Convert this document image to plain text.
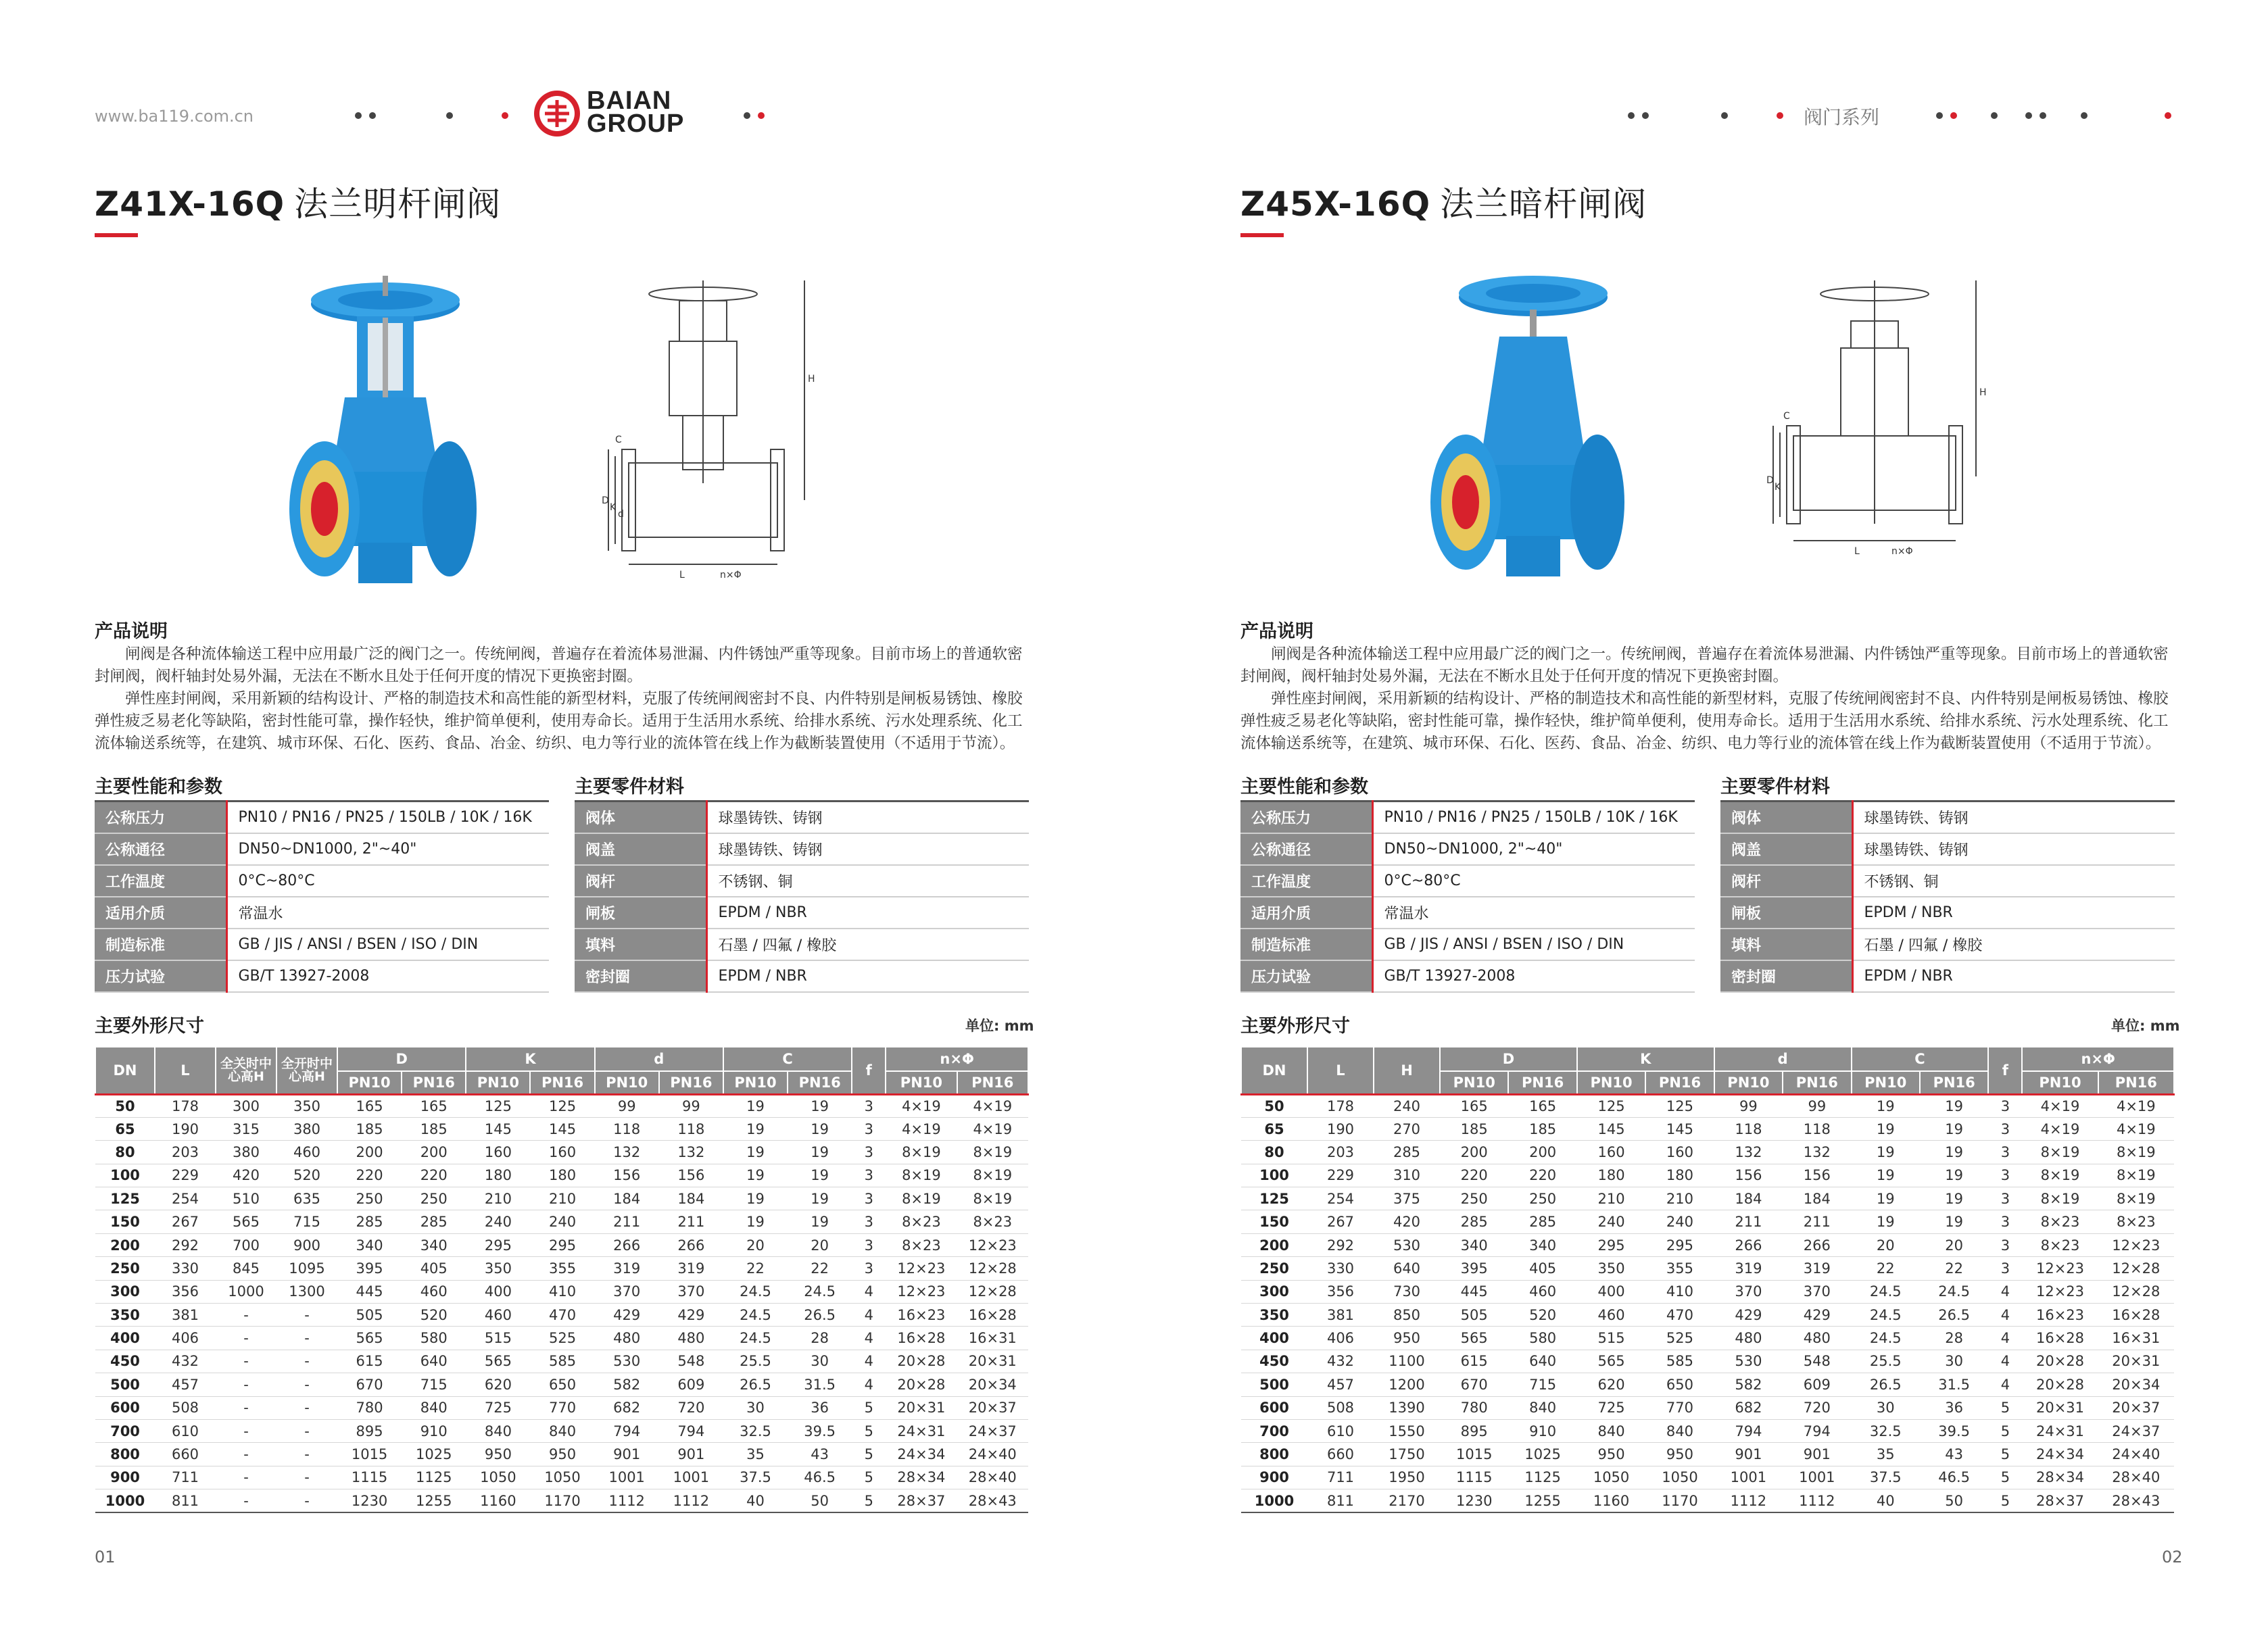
www.ba119.com.cn
BAIAN
GROUP
Z41X-16Q 法兰明杆闸阀
H
C
D
K
d
L	n×Φ
产品说明

闸阀是各种流体输送工程中应用最广泛的阀门之一。传统闸阀，普遍存在着流体易泄漏、内件锈蚀严重等现象。目前市场上的普通软密封闸阀，阀杆轴封处易外漏，无法在不断水且处于任何开度的情况下更换密封圈。

弹性座封闸阀，采用新颖的结构设计、严格的制造技术和高性能的新型材料，克服了传统闸阀密封不良、内件特别是闸板易锈蚀、橡胶弹性疲乏易老化等缺陷，密封性能可靠，操作轻快，维护简单便利，使用寿命长。适用于生活用水系统、给排水系统、污水处理系统、化工流体输送系统等，在建筑、城市环保、石化、医药、食品、冶金、纺织、电力等行业的流体管在线上作为截断装置使用（不适用于节流）。

主要性能和参数	主要零件材料
公称压力	PN10 / PN16 / PN25 / 150LB / 10K / 16K
公称通径	DN50~DN1000, 2"~40"
工作温度	0°C~80°C
适用介质	常温水
制造标准	GB / JIS / ANSI / BSEN / ISO / DIN
压力试验	GB/T 13927-2008
阀体	球墨铸铁、铸钢
阀盖	球墨铸铁、铸钢
阀杆	不锈钢、铜
闸板	EPDM / NBR
填料	石墨 / 四氟 / 橡胶
密封圈	EPDM / NBR
主要外形尺寸	单位: mm
DN	L	全关时中心高H	全开时中心高H	D		K		d		C		f	n×Φ	
				PN10	PN16	PN10	PN16	PN10	PN16	PN10	PN16		PN10	PN16
50	178	300	350	165	165	125	125	99	99	19	19	3	4×19	4×19
65	190	315	380	185	185	145	145	118	118	19	19	3	4×19	4×19
80	203	380	460	200	200	160	160	132	132	19	19	3	8×19	8×19
100	229	420	520	220	220	180	180	156	156	19	19	3	8×19	8×19
125	254	510	635	250	250	210	210	184	184	19	19	3	8×19	8×19
150	267	565	715	285	285	240	240	211	211	19	19	3	8×23	8×23
200	292	700	900	340	340	295	295	266	266	20	20	3	8×23	12×23
250	330	845	1095	395	405	350	355	319	319	22	22	3	12×23	12×28
300	356	1000	1300	445	460	400	410	370	370	24.5	24.5	4	12×23	12×28
350	381	-	-	505	520	460	470	429	429	24.5	26.5	4	16×23	16×28
400	406	-	-	565	580	515	525	480	480	24.5	28	4	16×28	16×31
450	432	-	-	615	640	565	585	530	548	25.5	30	4	20×28	20×31
500	457	-	-	670	715	620	650	582	609	26.5	31.5	4	20×28	20×34
600	508	-	-	780	840	725	770	682	720	30	36	5	20×31	20×37
700	610	-	-	895	910	840	840	794	794	32.5	39.5	5	24×31	24×37
800	660	-	-	1015	1025	950	950	901	901	35	43	5	24×34	24×40
900	711	-	-	1115	1125	1050	1050	1001	1001	37.5	46.5	5	28×34	28×40
1000	811	-	-	1230	1255	1160	1170	1112	1112	40	50	5	28×37	28×43
01
阀门系列
Z45X-16Q 法兰暗杆闸阀
H
C
D
K
L	n×Φ
产品说明

闸阀是各种流体输送工程中应用最广泛的阀门之一。传统闸阀，普遍存在着流体易泄漏、内件锈蚀严重等现象。目前市场上的普通软密封闸阀，阀杆轴封处易外漏，无法在不断水且处于任何开度的情况下更换密封圈。

弹性座封闸阀，采用新颖的结构设计、严格的制造技术和高性能的新型材料，克服了传统闸阀密封不良、内件特别是闸板易锈蚀、橡胶弹性疲乏易老化等缺陷，密封性能可靠，操作轻快，维护简单便利，使用寿命长。适用于生活用水系统、给排水系统、污水处理系统、化工流体输送系统等，在建筑、城市环保、石化、医药、食品、冶金、纺织、电力等行业的流体管在线上作为截断装置使用（不适用于节流）。

主要性能和参数	主要零件材料
公称压力	PN10 / PN16 / PN25 / 150LB / 10K / 16K
公称通径	DN50~DN1000, 2"~40"
工作温度	0°C~80°C
适用介质	常温水
制造标准	GB / JIS / ANSI / BSEN / ISO / DIN
压力试验	GB/T 13927-2008
阀体	球墨铸铁、铸钢
阀盖	球墨铸铁、铸钢
阀杆	不锈钢、铜
闸板	EPDM / NBR
填料	石墨 / 四氟 / 橡胶
密封圈	EPDM / NBR
主要外形尺寸	单位: mm
DN	L	H	D		K		d		C		f	n×Φ	
			PN10	PN16	PN10	PN16	PN10	PN16	PN10	PN16		PN10	PN16
50	178	240	165	165	125	125	99	99	19	19	3	4×19	4×19
65	190	270	185	185	145	145	118	118	19	19	3	4×19	4×19
80	203	285	200	200	160	160	132	132	19	19	3	8×19	8×19
100	229	310	220	220	180	180	156	156	19	19	3	8×19	8×19
125	254	375	250	250	210	210	184	184	19	19	3	8×19	8×19
150	267	420	285	285	240	240	211	211	19	19	3	8×23	8×23
200	292	530	340	340	295	295	266	266	20	20	3	8×23	12×23
250	330	640	395	405	350	355	319	319	22	22	3	12×23	12×28
300	356	730	445	460	400	410	370	370	24.5	24.5	4	12×23	12×28
350	381	850	505	520	460	470	429	429	24.5	26.5	4	16×23	16×28
400	406	950	565	580	515	525	480	480	24.5	28	4	16×28	16×31
450	432	1100	615	640	565	585	530	548	25.5	30	4	20×28	20×31
500	457	1200	670	715	620	650	582	609	26.5	31.5	4	20×28	20×34
600	508	1390	780	840	725	770	682	720	30	36	5	20×31	20×37
700	610	1550	895	910	840	840	794	794	32.5	39.5	5	24×31	24×37
800	660	1750	1015	1025	950	950	901	901	35	43	5	24×34	24×40
900	711	1950	1115	1125	1050	1050	1001	1001	37.5	46.5	5	28×34	28×40
1000	811	2170	1230	1255	1160	1170	1112	1112	40	50	5	28×37	28×43
02
